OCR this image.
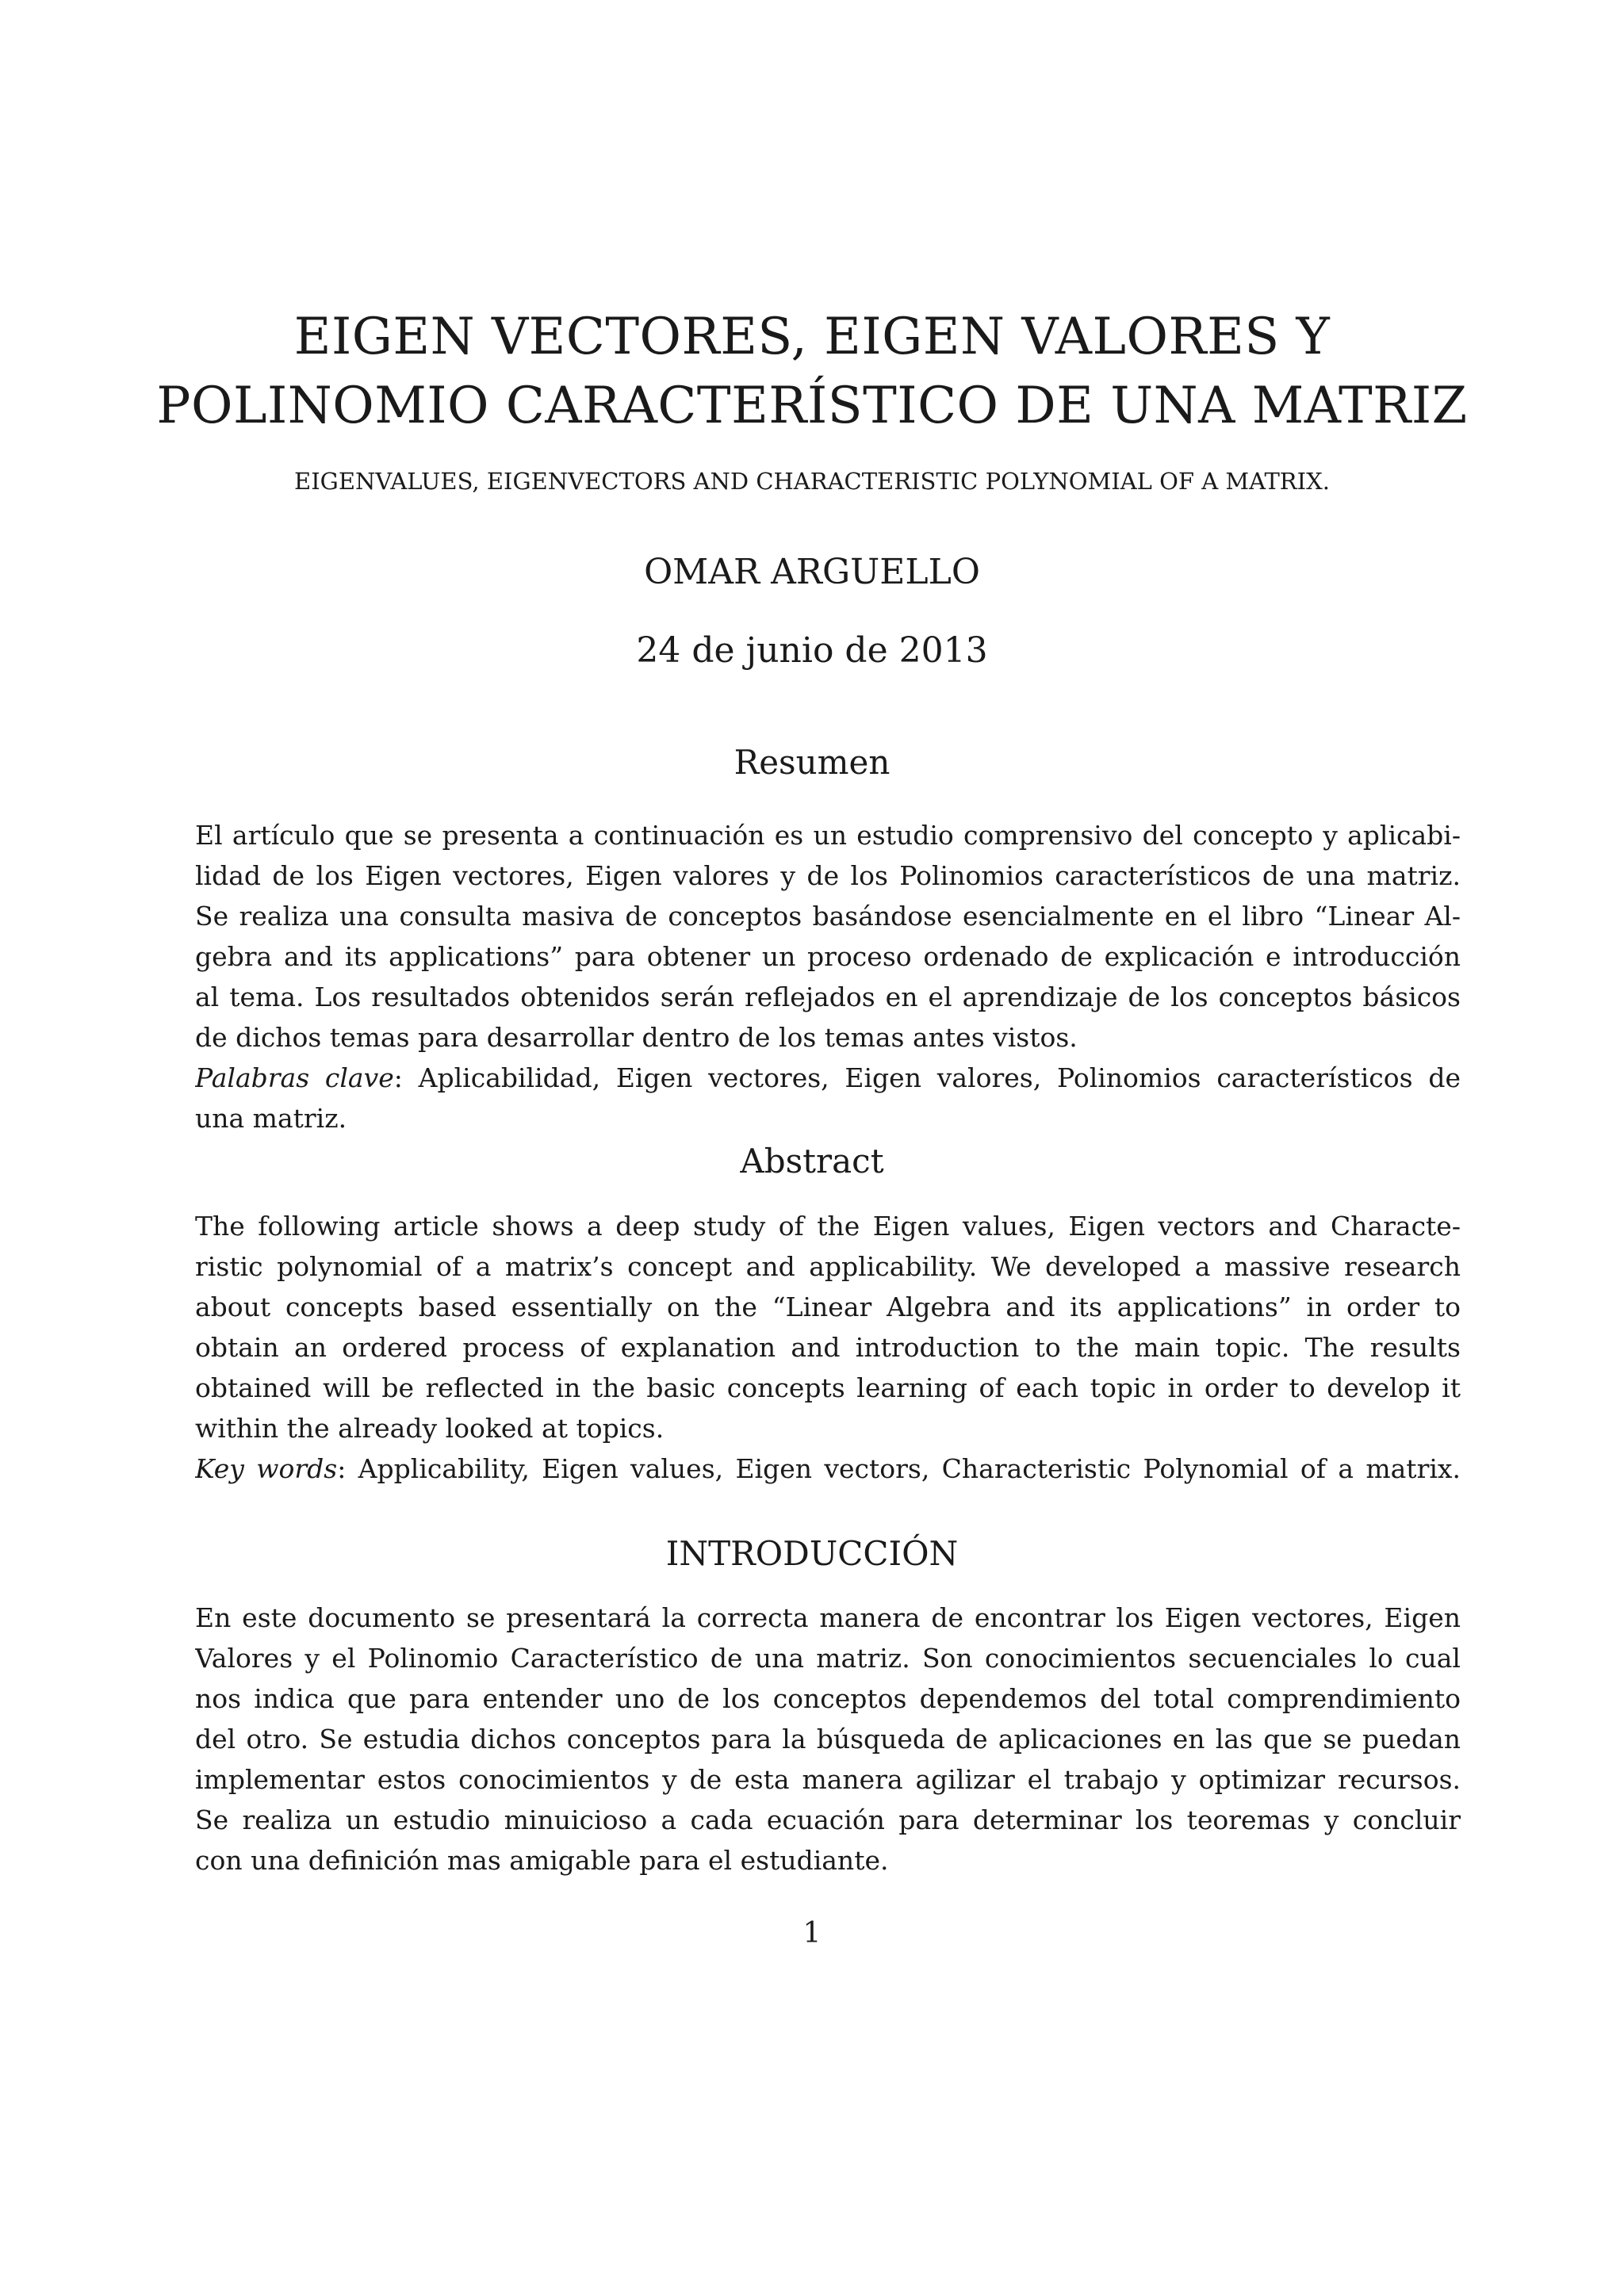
EIGEN VECTORES, EIGEN VALORES Y
POLINOMIO CARACTERÍSTICO DE UNA MATRIZ
EIGENVALUES, EIGENVECTORS AND CHARACTERISTIC POLYNOMIAL OF A MATRIX.
OMAR ARGUELLO
24 de junio de 2013
Resumen
El artículo que se presenta a continuación es un estudio comprensivo del concepto y aplicabi-
lidad de los Eigen vectores, Eigen valores y de los Polinomios característicos de una matriz.
Se realiza una consulta masiva de conceptos basándose esencialmente en el libro “Linear Al-
gebra and its applications” para obtener un proceso ordenado de explicación e introducción
al tema. Los resultados obtenidos serán reflejados en el aprendizaje de los conceptos básicos
de dichos temas para desarrollar dentro de los temas antes vistos.
Palabras clave: Aplicabilidad, Eigen vectores, Eigen valores, Polinomios característicos de
una matriz.
Abstract
The following article shows a deep study of the Eigen values, Eigen vectors and Characte-
ristic polynomial of a matrix’s concept and applicability. We developed a massive research
about concepts based essentially on the “Linear Algebra and its applications” in order to
obtain an ordered process of explanation and introduction to the main topic. The results
obtained will be reflected in the basic concepts learning of each topic in order to develop it
within the already looked at topics.
Key words: Applicability, Eigen values, Eigen vectors, Characteristic Polynomial of a matrix.
INTRODUCCIÓN
En este documento se presentará la correcta manera de encontrar los Eigen vectores, Eigen
Valores y el Polinomio Característico de una matriz. Son conocimientos secuenciales lo cual
nos indica que para entender uno de los conceptos dependemos del total comprendimiento
del otro. Se estudia dichos conceptos para la búsqueda de aplicaciones en las que se puedan
implementar estos conocimientos y de esta manera agilizar el trabajo y optimizar recursos.
Se realiza un estudio minuicioso a cada ecuación para determinar los teoremas y concluir
con una definición mas amigable para el estudiante.
1
